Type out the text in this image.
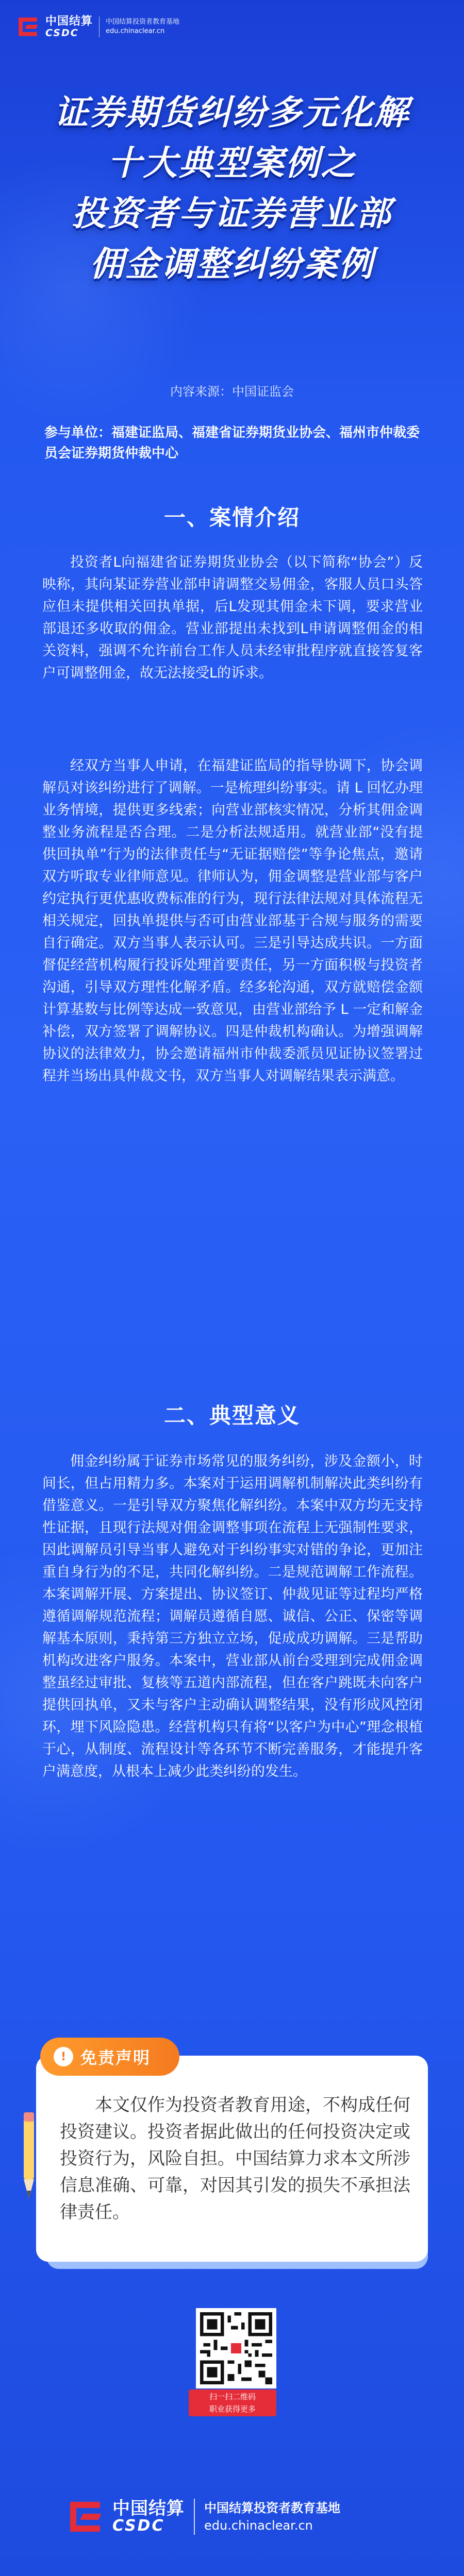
中国结算
CSDC
中国结算投资者教育基地
edu.chinaclear.cn
证券期货纠纷多元化解
十大典型案例之
投资者与证券营业部
佣金调整纠纷案例
内容来源：中国证监会
参与单位：福建证监局、福建省证券期货业协会、福州市仲裁委员会证券期货仲裁中心
一、案情介绍

投资者L向福建省证券期货业协会（以下简称“协会”）反映称，其向某证券营业部申请调整交易佣金，客服人员口头答应但未提供相关回执单据，后L发现其佣金未下调，要求营业部退还多收取的佣金。营业部提出未找到L申请调整佣金的相关资料，强调不允许前台工作人员未经审批程序就直接答复客户可调整佣金，故无法接受L的诉求。

经双方当事人申请，在福建证监局的指导协调下，协会调解员对该纠纷进行了调解。一是梳理纠纷事实。请 L 回忆办理业务情境，提供更多线索；向营业部核实情况，分析其佣金调整业务流程是否合理。二是分析法规适用。就营业部“没有提供回执单”行为的法律责任与“无证据赔偿”等争论焦点，邀请双方听取专业律师意见。律师认为，佣金调整是营业部与客户约定执行更优惠收费标准的行为，现行法律法规对具体流程无相关规定，回执单提供与否可由营业部基于合规与服务的需要自行确定。双方当事人表示认可。三是引导达成共识。一方面督促经营机构履行投诉处理首要责任，另一方面积极与投资者沟通，引导双方理性化解矛盾。经多轮沟通，双方就赔偿金额计算基数与比例等达成一致意见，由营业部给予 L 一定和解金补偿，双方签署了调解协议。四是仲裁机构确认。为增强调解协议的法律效力，协会邀请福州市仲裁委派员见证协议签署过程并当场出具仲裁文书，双方当事人对调解结果表示满意。

二、典型意义

佣金纠纷属于证券市场常见的服务纠纷，涉及金额小，时间长，但占用精力多。本案对于运用调解机制解决此类纠纷有借鉴意义。一是引导双方聚焦化解纠纷。本案中双方均无支持性证据，且现行法规对佣金调整事项在流程上无强制性要求，因此调解员引导当事人避免对于纠纷事实对错的争论，更加注重自身行为的不足，共同化解纠纷。二是规范调解工作流程。本案调解开展、方案提出、协议签订、仲裁见证等过程均严格遵循调解规范流程；调解员遵循自愿、诚信、公正、保密等调解基本原则，秉持第三方独立立场，促成成功调解。三是帮助机构改进客户服务。本案中，营业部从前台受理到完成佣金调整虽经过审批、复核等五道内部流程，但在客户跳既未向客户提供回执单，又未与客户主动确认调整结果，没有形成风控闭环，埋下风险隐患。经营机构只有将“以客户为中心”理念根植于心，从制度、流程设计等各环节不断完善服务，才能提升客户满意度，从根本上减少此类纠纷的发生。

! 免责声明

本文仅作为投资者教育用途，不构成任何投资建议。投资者据此做出的任何投资决定或投资行为，风险自担。中国结算力求本文所涉信息准确、可靠，对因其引发的损失不承担法律责任。

扫一扫二维码
职业获得更多
中国结算
CSDC
中国结算投资者教育基地
edu.chinaclear.cn
